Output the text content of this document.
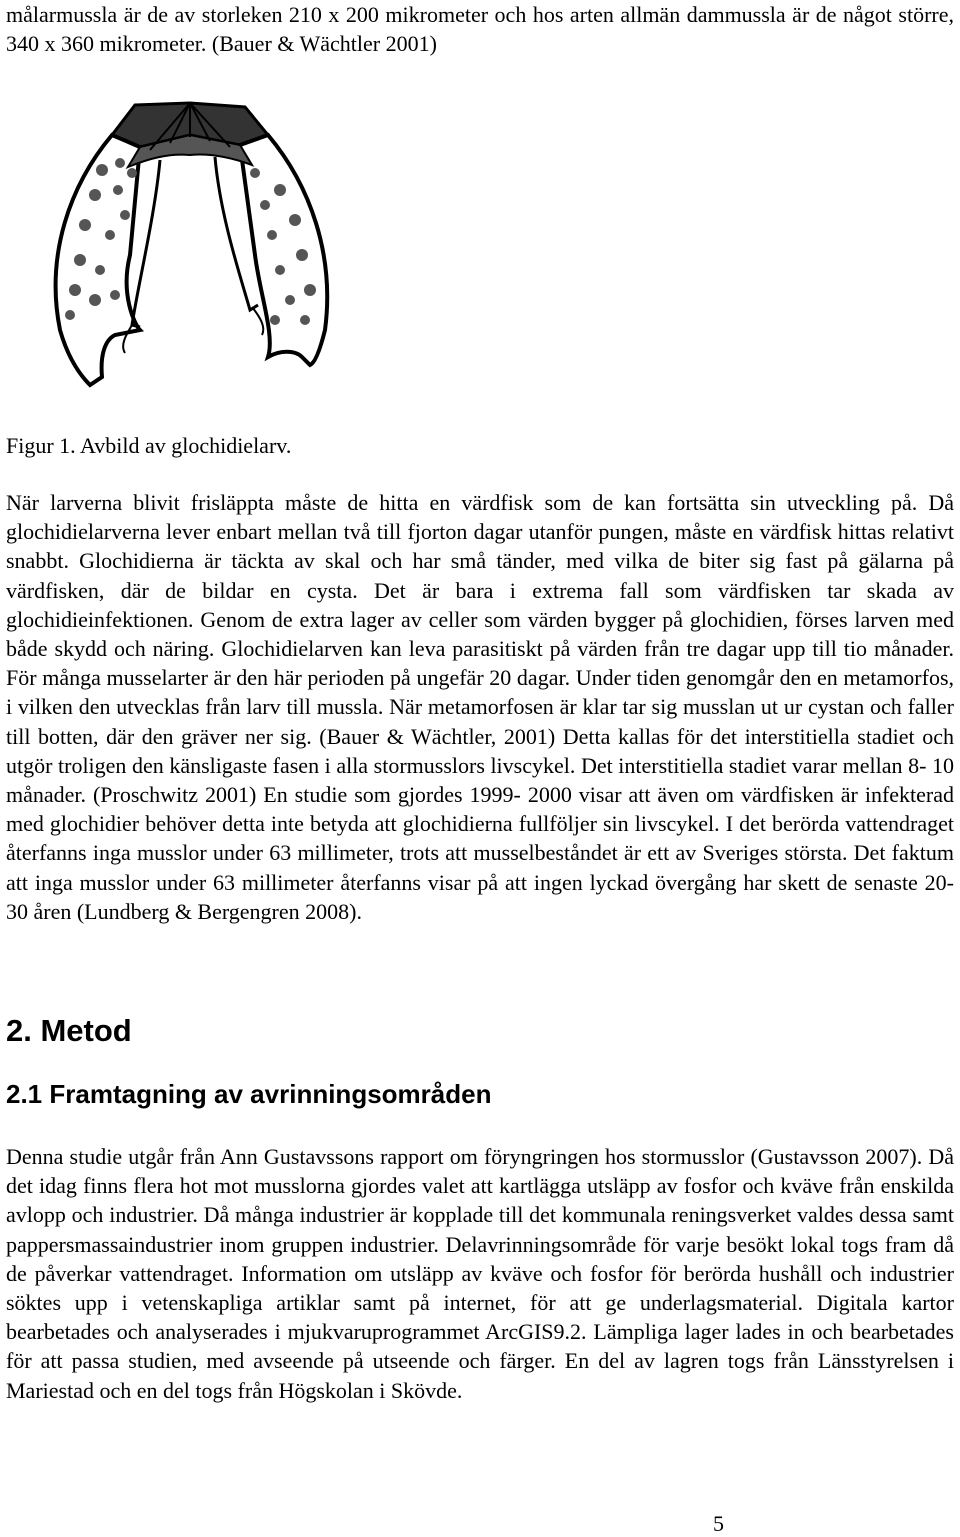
målarmussla är de av storleken 210 x 200 mikrometer och hos arten allmän dammussla är de något större, 340 x 360 mikrometer. (Bauer & Wächtler 2001)

Figur 1. Avbild av glochidielarv.

När larverna blivit frisläppta måste de hitta en värdfisk som de kan fortsätta sin utveckling på. Då glochidielarverna lever enbart mellan två till fjorton dagar utanför pungen, måste en värdfisk hittas relativt snabbt. Glochidierna är täckta av skal och har små tänder, med vilka de biter sig fast på gälarna på värdfisken, där de bildar en cysta. Det är bara i extrema fall som värdfisken tar skada av glochidieinfektionen. Genom de extra lager av celler som värden bygger på glochidien, förses larven med både skydd och näring. Glochidielarven kan leva parasitiskt på värden från tre dagar upp till tio månader. För många musselarter är den här perioden på ungefär 20 dagar. Under tiden genomgår den en metamorfos, i vilken den utvecklas från larv till mussla. När metamorfosen är klar tar sig musslan ut ur cystan och faller till botten, där den gräver ner sig. (Bauer & Wächtler, 2001) Detta kallas för det interstitiella stadiet och utgör troligen den känsligaste fasen i alla stormusslors livscykel. Det interstitiella stadiet varar mellan 8- 10 månader. (Proschwitz 2001) En studie som gjordes 1999- 2000 visar att även om värdfisken är infekterad med glochidier behöver detta inte betyda att glochidierna fullföljer sin livscykel. I det berörda vattendraget återfanns inga musslor under 63 millimeter, trots att musselbeståndet är ett av Sveriges största. Det faktum att inga musslor under 63 millimeter återfanns visar på att ingen lyckad övergång har skett de senaste 20- 30 åren (Lundberg & Bergengren 2008).

2. Metod
2.1 Framtagning av avrinningsområden

Denna studie utgår från Ann Gustavssons rapport om föryngringen hos stormusslor (Gustavsson 2007). Då det idag finns flera hot mot musslorna gjordes valet att kartlägga utsläpp av fosfor och kväve från enskilda avlopp och industrier. Då många industrier är kopplade till det kommunala reningsverket valdes dessa samt pappersmassaindustrier inom gruppen industrier. Delavrinningsområde för varje besökt lokal togs fram då de påverkar vattendraget. Information om utsläpp av kväve och fosfor för berörda hushåll och industrier söktes upp i vetenskapliga artiklar samt på internet, för att ge underlagsmaterial. Digitala kartor bearbetades och analyserades i mjukvaruprogrammet ArcGIS9.2. Lämpliga lager lades in och bearbetades för att passa studien, med avseende på utseende och färger. En del av lagren togs från Länsstyrelsen i Mariestad och en del togs från Högskolan i Skövde.

5
